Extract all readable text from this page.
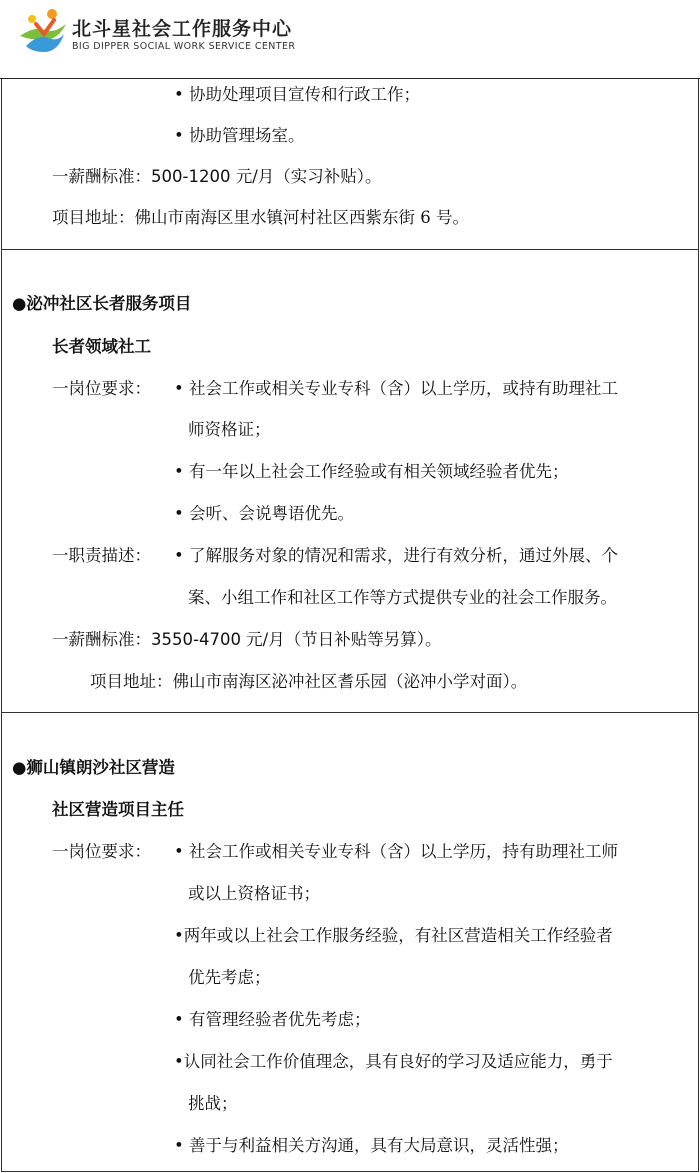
北斗星社会工作服务中心
BIG DIPPER SOCIAL WORK SERVICE CENTER
• 协助处理项目宣传和行政工作；
• 协助管理场室。
一薪酬标准：500-1200 元/月（实习补贴）。
项目地址：佛山市南海区里水镇河村社区西紫东街 6 号。
●泌冲社区长者服务项目
长者领域社工
一岗位要求： • 社会工作或相关专业专科（含）以上学历，或持有助理社工
师资格证；
• 有一年以上社会工作经验或有相关领域经验者优先；
• 会听、会说粤语优先。
一职责描述： • 了解服务对象的情况和需求，进行有效分析，通过外展、个
案、小组工作和社区工作等方式提供专业的社会工作服务。
一薪酬标准：3550-4700 元/月（节日补贴等另算）。
项目地址：佛山市南海区泌冲社区耆乐园（泌冲小学对面）。
●狮山镇朗沙社区营造
社区营造项目主任
一岗位要求： • 社会工作或相关专业专科（含）以上学历，持有助理社工师
或以上资格证书；
•两年或以上社会工作服务经验，有社区营造相关工作经验者
优先考虑；
• 有管理经验者优先考虑；
•认同社会工作价值理念，具有良好的学习及适应能力，勇于
挑战；
• 善于与利益相关方沟通，具有大局意识，灵活性强；
